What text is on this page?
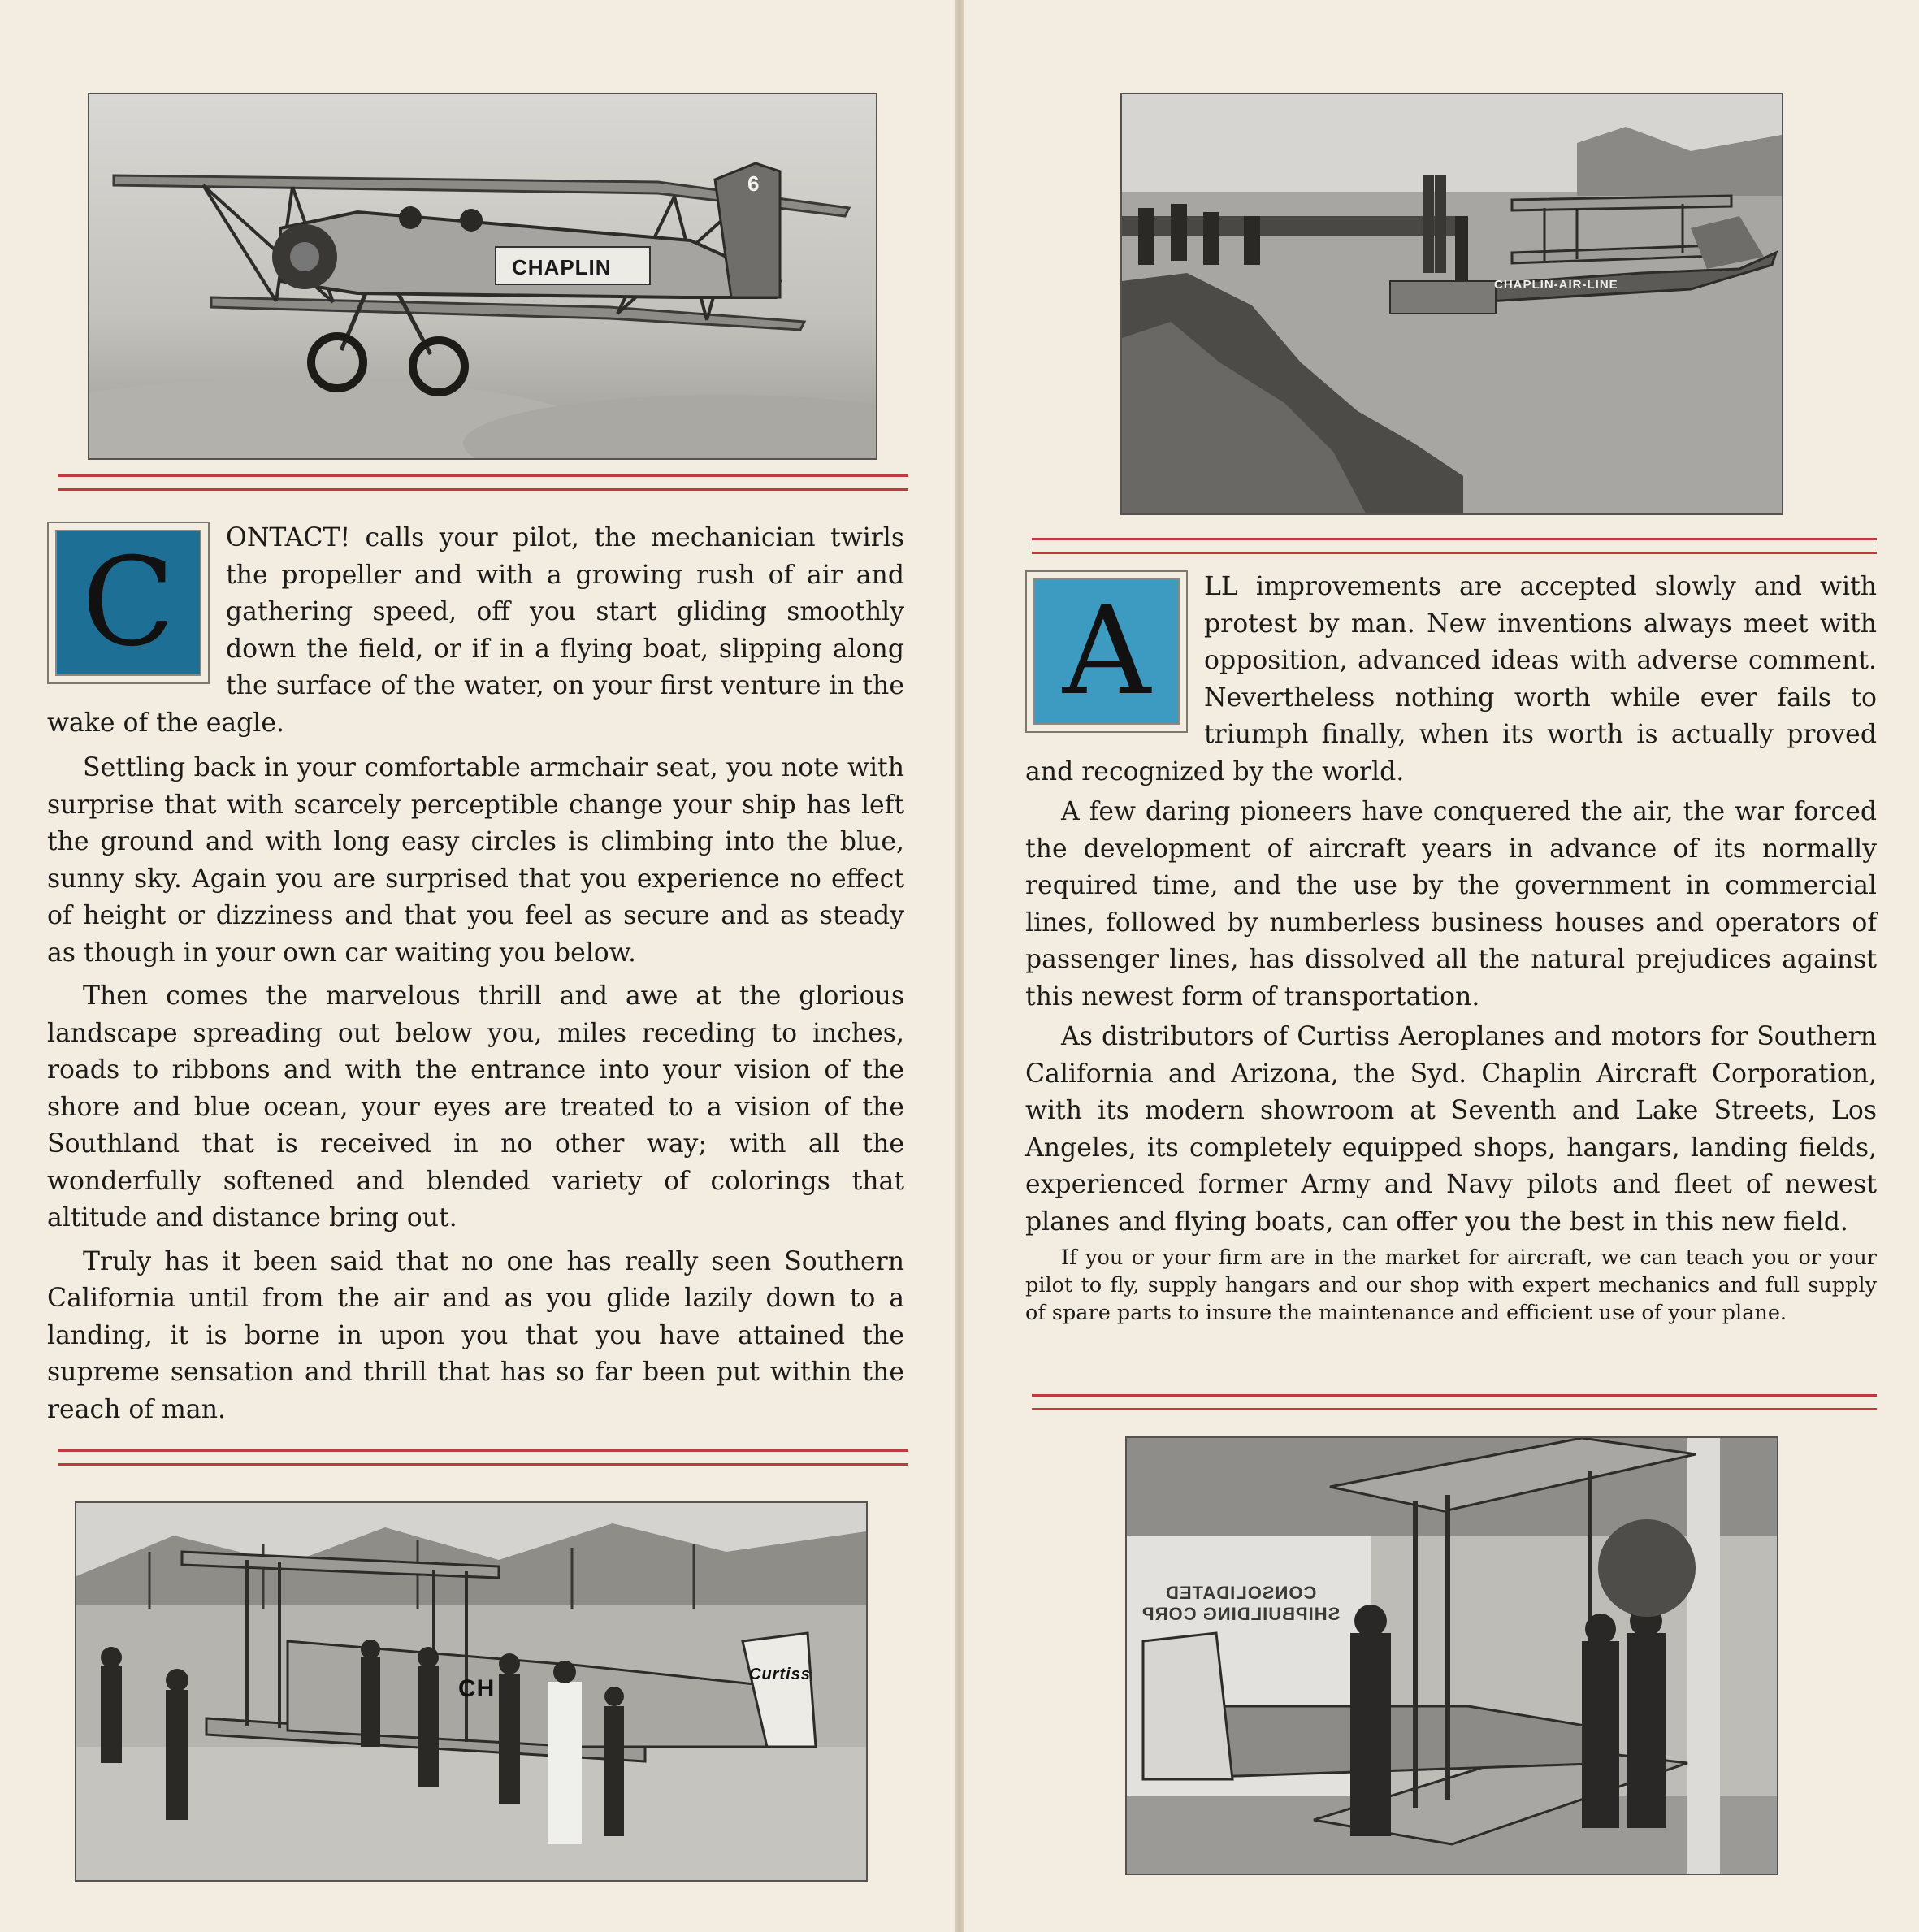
CHAPLIN
6
C	ONTACT! calls your pilot, the mechanician twirls the propeller and with a growing rush of air and gathering speed, off you start gliding smoothly down the field, or if in a flying boat, slipping along the surface of the water, on your first venture in the wake of the eagle.

Settling back in your comfortable armchair seat, you note with surprise that with scarcely perceptible change your ship has left the ground and with long easy circles is climbing into the blue, sunny sky. Again you are surprised that you experience no effect of height or dizziness and that you feel as secure and as steady as though in your own car waiting you below.

Then comes the marvelous thrill and awe at the glorious landscape spreading out below you, miles receding to inches, roads to ribbons and with the entrance into your vision of the shore and blue ocean, your eyes are treated to a vision of the Southland that is received in no other way; with all the wonderfully softened and blended variety of colorings that altitude and distance bring out.

Truly has it been said that no one has really seen Southern California until from the air and as you glide lazily down to a landing, it is borne in upon you that you have attained the supreme sensation and thrill that has so far been put within the reach of man.

CH
Curtiss
CHAPLIN-AIR-LINE
A	LL improvements are accepted slowly and with protest by man. New inventions always meet with opposition, advanced ideas with adverse comment. Nevertheless nothing worth while ever fails to triumph finally, when its worth is actually proved and recognized by the world.

A few daring pioneers have conquered the air, the war forced the development of aircraft years in advance of its normally required time, and the use by the government in commercial lines, followed by numberless business houses and operators of passenger lines, has dissolved all the natural prejudices against this newest form of transportation.

As distributors of Curtiss Aeroplanes and motors for Southern California and Arizona, the Syd. Chaplin Aircraft Corporation, with its modern showroom at Seventh and Lake Streets, Los Angeles, its completely equipped shops, hangars, landing fields, experienced former Army and Navy pilots and fleet of newest planes and flying boats, can offer you the best in this new field.

If you or your firm are in the market for aircraft, we can teach you or your pilot to fly, supply hangars and our shop with expert mechanics and full supply of spare parts to insure the maintenance and efficient use of your plane.

CONSOLIDATED
SHIPBUILDING CORP
